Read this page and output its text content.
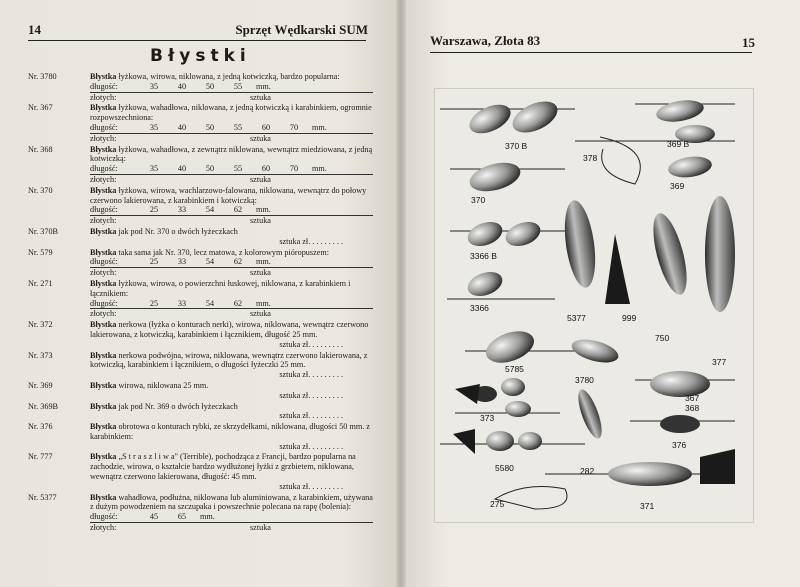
14	Sprzęt Wędkarski SUM
Błystki
Nr. 3780	Błystka łyżkowa, wirowa, niklowana, z jedną kotwiczką, bardzo popularna:
długość:	35	40	50	55	mm.
złotych:	sztuka
Nr. 367	Błystka łyżkowa, wahadłowa, niklowana, z jedną kotwiczką i karabinkiem, ogromnie rozpowszechniona:
długość:	35	40	50	55	60	70	mm.
złotych:	sztuka
Nr. 368	Błystka łyżkowa, wahadłowa, z zewnątrz niklowana, wewnątrz miedziowana, z jedną kotwiczką:
długość:	35	40	50	55	60	70	mm.
złotych:	sztuka
Nr. 370	Błystka łyżkowa, wirowa, wachlarzowo-falowana, niklowana, wewnątrz do połowy czerwono lakierowana, z karabinkiem i kotwiczką:
długość:	25	33	54	62	mm.
złotych:	sztuka
Nr. 370B	Błystka jak pod Nr. 370 o dwóch łyżeczkach
sztuka zł. . . . . . . . .
Nr. 579	Błystka taka sama jak Nr. 370, lecz matowa, z kolorowym pióropuszem:
długość:	25	33	54	62	mm.
złotych:	sztuka
Nr. 271	Błystka łyżkowa, wirowa, o powierzchni łuskowej, niklowana, z karabinkiem i łącznikiem:
długość:	25	33	54	62	mm.
złotych:	sztuka
Nr. 372	Błystka nerkowa (łyżka o konturach nerki), wirowa, niklowana, wewnątrz czerwono lakierowana, z kotwiczką, karabinkiem i łącznikiem, długość 25 mm.
sztuka zł. . . . . . . . .
Nr. 373	Błystka nerkowa podwójna, wirowa, niklowana, wewnątrz czerwono lakierowana, z kotwiczką, karabinkiem i łącznikiem, o długości łyżeczki 25 mm.
sztuka zł. . . . . . . . .
Nr. 369	Błystka wirowa, niklowana 25 mm.
sztuka zł. . . . . . . . .
Nr. 369B	Błystka jak pod Nr. 369 o dwóch łyżeczkach
sztuka zł. . . . . . . . .
Nr. 376	Błystka obrotowa o konturach rybki, ze skrzydełkami, niklowana, długości 50 mm. z karabinkiem:
sztuka zł. . . . . . . . .
Nr. 777	Błystka „S t r a s z l i w a" (Terrible), pochodząca z Francji, bardzo popularna na zachodzie, wirowa, o kształcie bardzo wydłużonej łyżki z grzbietem, niklowana, wewnątrz czerwono lakierowana, długość: 45 mm.
sztuka zł. . . . . . . . .
Nr. 5377	Błystka wahadłowa, podłużna, niklowana lub aluminiowana, z karabinkiem, używana z dużym powodzeniem na szczupaka i powszechnie polecana na rapę (bolenia):
długość:	45	65	mm.
złotych:	sztuka
Warszawa, Złota 83	15
370 B
378
369 B
370
369
3366 B
3366
5377	999
750
377
5785
3780
367
368
373
376
5580	282
275	371
